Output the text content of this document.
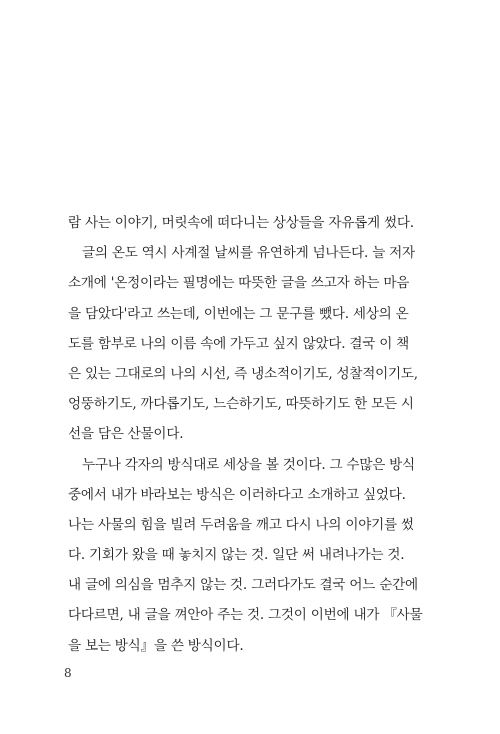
람 사는 이야기, 머릿속에 떠다니는 상상들을 자유롭게 썼다.
글의 온도 역시 사계절 날씨를 유연하게 넘나든다. 늘 저자
소개에 '온정이라는 필명에는 따뜻한 글을 쓰고자 하는 마음
을 담았다'라고 쓰는데, 이번에는 그 문구를 뺐다. 세상의 온
도를 함부로 나의 이름 속에 가두고 싶지 않았다. 결국 이 책
은 있는 그대로의 나의 시선, 즉 냉소적이기도, 성찰적이기도,
엉뚱하기도, 까다롭기도, 느슨하기도, 따뜻하기도 한 모든 시
선을 담은 산물이다.
누구나 각자의 방식대로 세상을 볼 것이다. 그 수많은 방식
중에서 내가 바라보는 방식은 이러하다고 소개하고 싶었다.
나는 사물의 힘을 빌려 두려움을 깨고 다시 나의 이야기를 썼
다. 기회가 왔을 때 놓치지 않는 것. 일단 써 내려나가는 것.
내 글에 의심을 멈추지 않는 것. 그러다가도 결국 어느 순간에
다다르면, 내 글을 껴안아 주는 것. 그것이 이번에 내가 『사물
을 보는 방식』을 쓴 방식이다.
8
